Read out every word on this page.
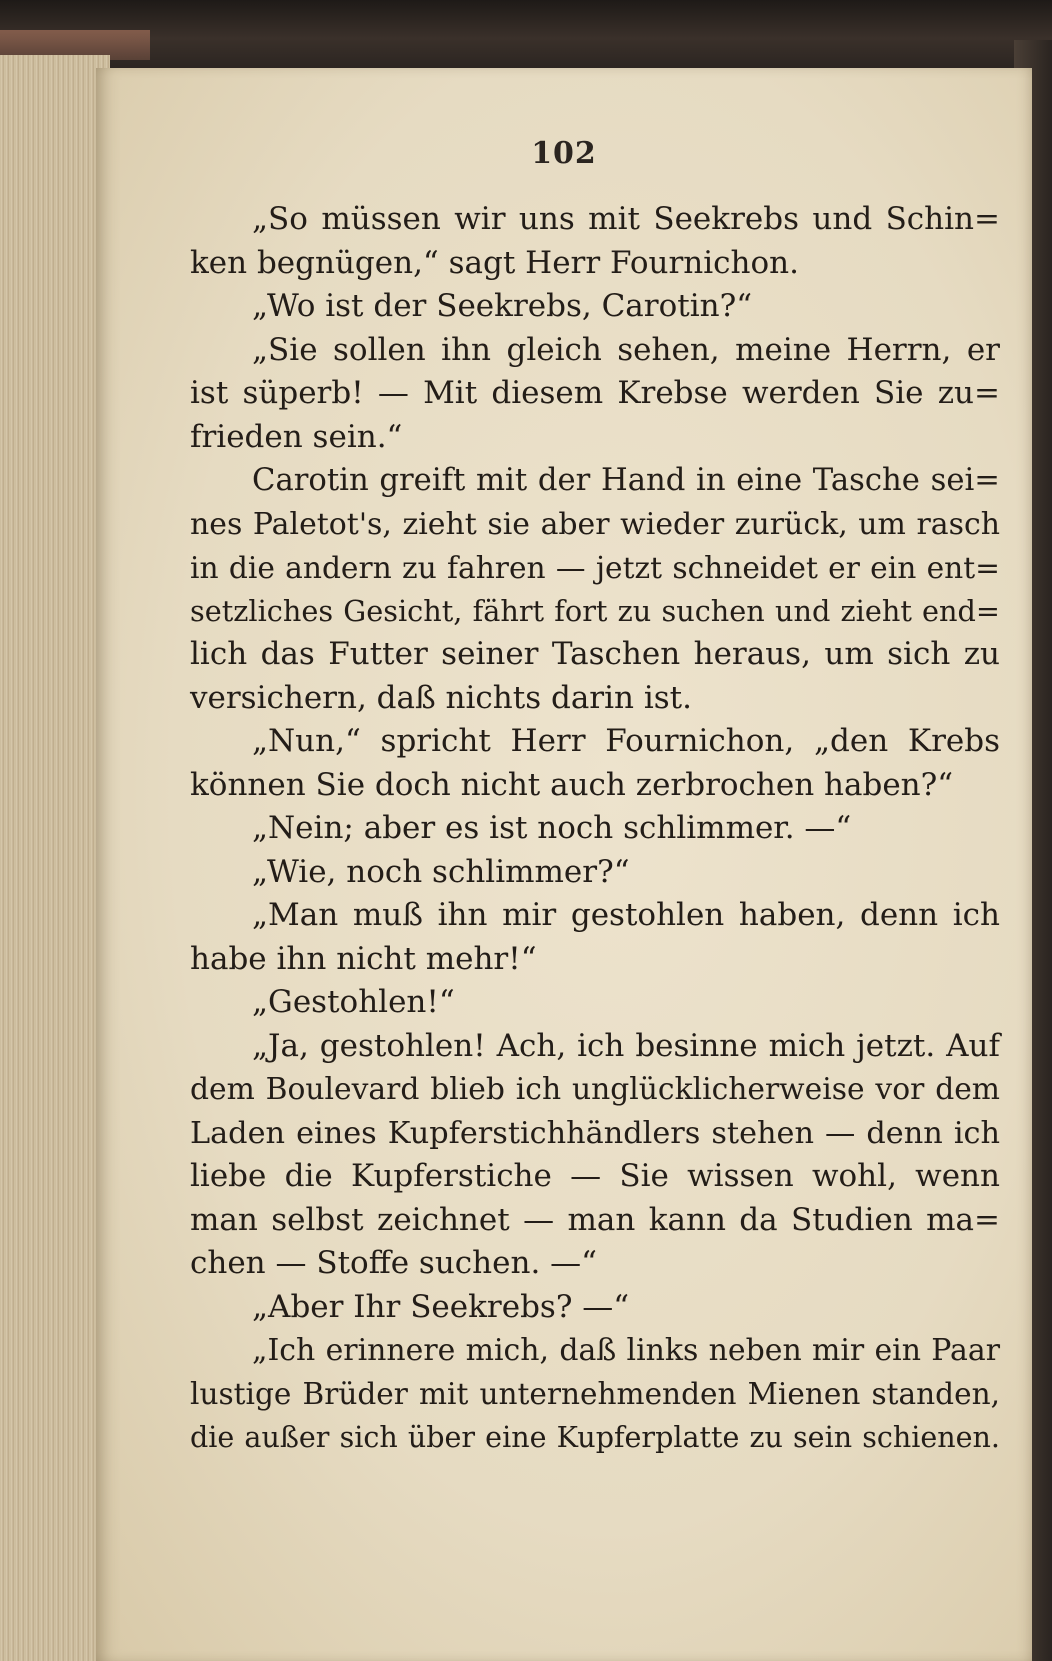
102
„So müssen wir uns mit Seekrebs und Schin=
ken begnügen,“ sagt Herr Fournichon.
„Wo ist der Seekrebs, Carotin?“
„Sie sollen ihn gleich sehen, meine Herrn, er
ist süperb! — Mit diesem Krebse werden Sie zu=
frieden sein.“
Carotin greift mit der Hand in eine Tasche sei=
nes Paletot's, zieht sie aber wieder zurück, um rasch
in die andern zu fahren — jetzt schneidet er ein ent=
setzliches Gesicht, fährt fort zu suchen und zieht end=
lich das Futter seiner Taschen heraus, um sich zu
versichern, daß nichts darin ist.
„Nun,“ spricht Herr Fournichon, „den Krebs
können Sie doch nicht auch zerbrochen haben?“
„Nein; aber es ist noch schlimmer. —“
„Wie, noch schlimmer?“
„Man muß ihn mir gestohlen haben, denn ich
habe ihn nicht mehr!“
„Gestohlen!“
„Ja, gestohlen! Ach, ich besinne mich jetzt. Auf
dem Boulevard blieb ich unglücklicherweise vor dem
Laden eines Kupferstichhändlers stehen — denn ich
liebe die Kupferstiche — Sie wissen wohl, wenn
man selbst zeichnet — man kann da Studien ma=
chen — Stoffe suchen. —“
„Aber Ihr Seekrebs? —“
„Ich erinnere mich, daß links neben mir ein Paar
lustige Brüder mit unternehmenden Mienen standen,
die außer sich über eine Kupferplatte zu sein schienen.
